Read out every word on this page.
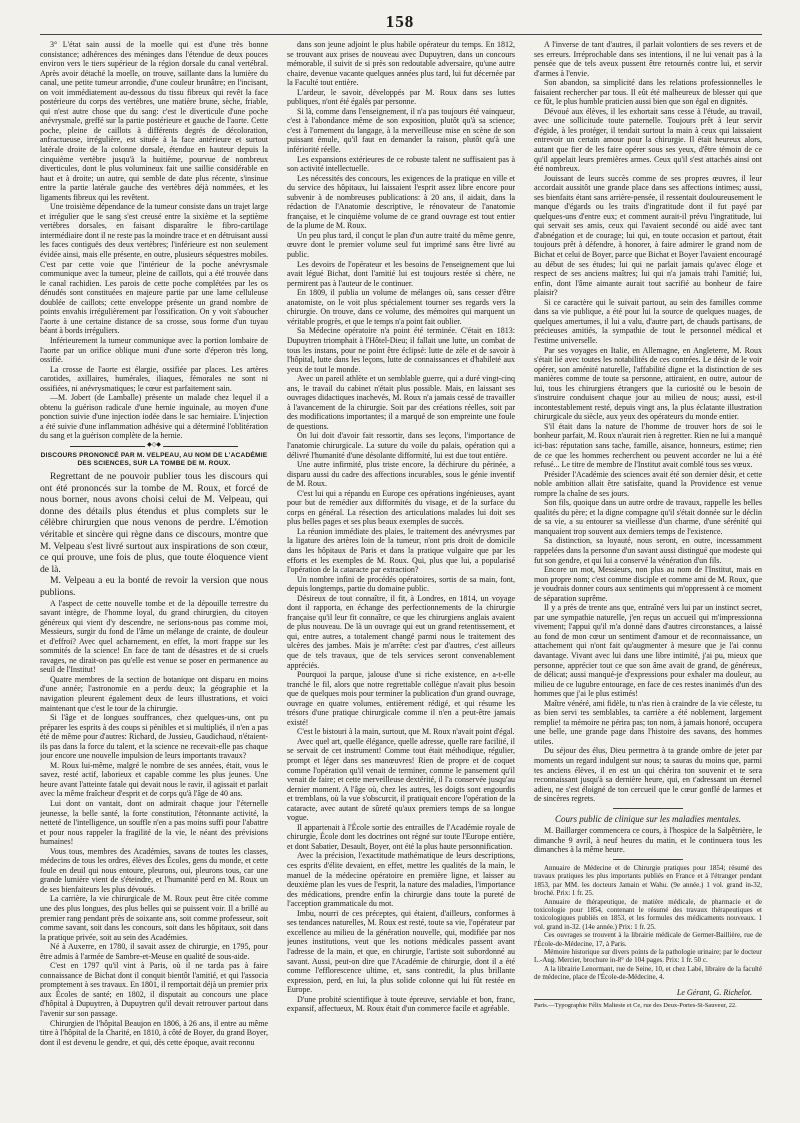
158

3° L'état sain aussi de la moelle qui est d'une très bonne consistance; adhérences des méninges dans l'étendue de deux pouces environ vers le tiers supérieur de la région dorsale du canal vertébral. Après avoir détaché la moelle, on trouve, saillante dans la lumière du canal, une petite tumeur arrondie, d'une couleur brunâtre; en l'incisant, on voit immédiatement au-dessous du tissu fibreux qui revêt la face postérieure du corps des vertèbres, une matière brune, sèche, friable, qui n'est autre chose que du sang: c'est le diverticule d'une poche anévrysmale, greffé sur la partie postérieure et gauche de l'aorte. Cette poche, pleine de caillots à différents degrés de décoloration, anfractueuse, irrégulière, est située à la face antérieure et surtout latérale droite de la colonne dorsale, étendue en hauteur depuis la cinquième vertèbre jusqu'à la huitième, pourvue de nombreux diverticules, dont le plus volumineux fait une saillie considérable en haut et à droite; un autre, qui semble de date plus récente, s'insinue entre la partie latérale gauche des vertèbres déjà nommées, et les ligaments fibreux qui les revêtent.

Une troisième dépendance de la tumeur consiste dans un trajet large et irrégulier que le sang s'est creusé entre la sixième et la septième vertèbres dorsales, en faisant disparaître le fibro-cartilage intermédiaire dont il ne reste pas la moindre trace et en détruisant aussi les faces contiguës des deux vertèbres; l'inférieure est non seulement évidée ainsi, mais elle présente, en outre, plusieurs séquestres mobiles. C'est par cette voie que l'intérieur de la poche anévrysmale communique avec la tumeur, pleine de caillots, qui a été trouvée dans le canal rachidien. Les parois de cette poche complétées par les os dénudés sont constituées en majeure partie par une lame celluleuse doublée de caillots; cette enveloppe présente un grand nombre de points envahis irrégulièrement par l'ossification. On y voit s'aboucher l'aorte à une certaine distance de sa crosse, sous forme d'un tuyau béant à bords irréguliers.

Inférieurement la tumeur communique avec la portion lombaire de l'aorte par un orifice oblique muni d'une sorte d'éperon très long, ossifié.

La crosse de l'aorte est élargie, ossifiée par places. Les artères carotides, axillaires, humérales, iliaques, fémorales ne sont ni ossifiées, ni anévrysmatiques; le cœur est parfaitement sain.

—M. Jobert (de Lamballe) présente un malade chez lequel il a obtenu la guérison radicale d'une hernie inguinale, au moyen d'une ponction suivie d'une injection iodée dans le sac herniaire. L'injection a été suivie d'une inflammation adhésive qui a déterminé l'oblitération du sang et la guérison complète de la hernie.

◆◇◆
DISCOURS PRONONCÉ PAR M. VELPEAU, AU NOM DE L'ACADÉMIE DES SCIENCES, SUR LA TOMBE DE M. ROUX.

Regrettant de ne pouvoir publier tous les discours qui ont été prononcés sur la tombe de M. Roux, et forcé de nous borner, nous avons choisi celui de M. Velpeau, qui donne des détails plus étendus et plus complets sur le célèbre chirurgien que nous venons de perdre. L'émotion véritable et sincère qui règne dans ce discours, montre que M. Velpeau s'est livré surtout aux inspirations de son cœur, ce qui prouve, une fois de plus, que toute éloquence vient de là.

M. Velpeau a eu la bonté de revoir la version que nous publions.

A l'aspect de cette nouvelle tombe et de la dépouille terrestre du savant intègre, de l'homme loyal, du grand chirurgien, du citoyen généreux qui vient d'y descendre, ne serions-nous pas comme moi, Messieurs, surgir du fond de l'âme un mélange de crainte, de douleur et d'effroi? Avec quel acharnement, en effet, la mort frappe sur les sommités de la science! En face de tant de désastres et de si cruels ravages, ne dirait-on pas qu'elle est venue se poser en permanence au seuil de l'Institut!

Quatre membres de la section de botanique ont disparu en moins d'une année; l'astronomie en a perdu deux; la géographie et la navigation pleurent également deux de leurs illustrations, et voici maintenant que c'est le tour de la chirurgie.

Si l'âge et de longues souffrances, chez quelques-uns, ont pu préparer les esprits à des coups si pénibles et si multipliés, il n'en a pas été de même pour d'autres: Richard, de Jussieu, Gaudichaud, n'étaient-ils pas dans la force du talent, et la science ne recevait-elle pas chaque jour encore une nouvelle impulsion de leurs importants travaux?

M. Roux lui-même, malgré le nombre de ses années, était, vous le savez, resté actif, laborieux et capable comme les plus jeunes. Une heure avant l'atteinte fatale qui devait nous le ravir, il agissait et parlait avec la même fraîcheur d'esprit et de corps qu'à l'âge de 40 ans.

Lui dont on vantait, dont on admirait chaque jour l'éternelle jeunesse, la belle santé, la forte constitution, l'étonnante activité, la netteté de l'intelligence, un souffle n'en a pas moins suffi pour l'abattre et pour nous rappeler la fragilité de la vie, le néant des prévisions humaines!

Vous tous, membres des Académies, savans de toutes les classes, médecins de tous les ordres, élèves des Écoles, gens du monde, et cette foule en deuil qui nous entoure, pleurons, oui, pleurons tous, car une grande lumière vient de s'éteindre, et l'humanité perd en M. Roux un de ses bienfaiteurs les plus dévoués.

La carrière, la vie chirurgicale de M. Roux peut être citée comme une des plus longues, des plus belles qui se puissent voir. Il a brillé au premier rang pendant près de soixante ans, soit comme professeur, soit comme savant, soit dans les concours, soit dans les hôpitaux, soit dans la pratique privée, soit au sein des Académies.

Né à Auxerre, en 1780, il savait assez de chirurgie, en 1795, pour être admis à l'armée de Sambre-et-Meuse en qualité de sous-aide.

C'est en 1797 qu'il vint à Paris, où il ne tarda pas à faire connaissance de Bichat dont il conquit bientôt l'amitié, et qui l'associa promptement à ses travaux. En 1801, il remportait déjà un premier prix aux Écoles de santé; en 1802, il disputait au concours une place d'hôpital à Dupuytren, à Dupuytren qu'il devait retrouver partout dans l'avenir sur son passage.

Chirurgien de l'hôpital Beaujon en 1806, à 26 ans, il entre au même titre à l'hôpital de la Charité, en 1810, à côté de Boyer, du grand Boyer, dont il est devenu le gendre, et qui, dès cette époque, avait reconnu

dans son jeune adjoint le plus habile opérateur du temps. En 1812, se trouvant aux prises de nouveau avec Dupuytren, dans un concours mémorable, il suivit de si près son redoutable adversaire, qu'une autre chaire, devenue vacante quelques années plus tard, lui fut décernée par la Faculté tout entière.

L'ardeur, le savoir, développés par M. Roux dans ses luttes publiques, n'ont été égalés par personne.

Si là, comme dans l'enseignement, il n'a pas toujours été vainqueur, c'est à l'abondance même de son exposition, plutôt qu'à sa science; c'est à l'ornement du langage, à la merveilleuse mise en scène de son puissant émule, qu'il faut en demander la raison, plutôt qu'à une infériorité réelle.

Les expansions extérieures de ce robuste talent ne suffisaient pas à son activité intellectuelle.

Les nécessités des concours, les exigences de la pratique en ville et du service des hôpitaux, lui laissaient l'esprit assez libre encore pour subvenir à de nombreuses publications: à 20 ans, il aidait, dans la rédaction de l'Anatomie descriptive, le rénovateur de l'anatomie française, et le cinquième volume de ce grand ouvrage est tout entier de la plume de M. Roux.

Un peu plus tard, il conçut le plan d'un autre traité du même genre, œuvre dont le premier volume seul fut imprimé sans être livré au public.

Les devoirs de l'opérateur et les besoins de l'enseignement que lui avait légué Bichat, dont l'amitié lui est toujours restée si chère, ne permirent pas à l'auteur de le continuer.

En 1809, il publia un volume de mélanges où, sans cesser d'être anatomiste, on le voit plus spécialement tourner ses regards vers la chirurgie. On trouve, dans ce volume, des mémoires qui marquent un véritable progrès, et que le temps n'a point fait oublier.

Sa Médecine opératoire n'a point été terminée. C'était en 1813: Dupuytren triomphait à l'Hôtel-Dieu; il fallait une lutte, un combat de tous les instans, pour ne point être éclipsé: lutte de zèle et de savoir à l'hôpital, lutte dans les leçons, lutte de connaissances et d'habileté aux yeux de tout le monde.

Avec un pareil athlète et un semblable guerre, qui a duré vingt-cinq ans, le travail du cabinet n'était plus possible. Mais, en laissant ses ouvrages didactiques inachevés, M. Roux n'a jamais cessé de travailler à l'avancement de la chirurgie. Soit par des créations réelles, soit par des modifications importantes; il a marqué de son empreinte une foule de questions.

On lui doit d'avoir fait ressortir, dans ses leçons, l'importance de l'anatomie chirurgicale. La suture du voile du palais, opération qui a délivré l'humanité d'une désolante difformité, lui est due tout entière.

Une autre infirmité, plus triste encore, la déchirure du périnée, a disparu aussi du cadre des affections incurables, sous le génie inventif de M. Roux.

C'est lui qui a répandu en Europe ces opérations ingénieuses, ayant pour but de remédier aux difformités du visage, et de la surface du corps en général. La résection des articulations malades lui doit ses plus belles pages et ses plus beaux exemples de succès.

La réunion immédiate des plaies, le traitement des anévrysmes par la ligature des artères loin de la tumeur, n'ont pris droit de domicile dans les hôpitaux de Paris et dans la pratique vulgaire que par les efforts et les exemples de M. Roux. Qui, plus que lui, a popularisé l'opération de la cataracte par extraction?

Un nombre infini de procédés opératoires, sortis de sa main, font, depuis longtemps, partie du domaine public.

Désireux de tout connaître, il fit, à Londres, en 1814, un voyage dont il rapporta, en échange des perfectionnements de la chirurgie française qu'il leur fit connaître, ce que les chirurgiens anglais avaient de plus nouveau. De là un ouvrage qui eut un grand retentissement, et qui, entre autres, a totalement changé parmi nous le traitement des ulcères des jambes. Mais je m'arrête: c'est par d'autres, c'est ailleurs que de tels travaux, que de tels services seront convenablement appréciés.

Pourquoi la parque, jalouse d'une si riche existence, en a-t-elle tranché le fil, alors que notre regrettable collègue n'avait plus besoin que de quelques mois pour terminer la publication d'un grand ouvrage, ouvrage en quatre volumes, entièrement rédigé, et qui résume les trésors d'une pratique chirurgicale comme il n'en a peut-être jamais existé!

C'est le bistouri à la main, surtout, que M. Roux n'avait point d'égal.

Avec quel art, quelle élégance, quelle adresse, quelle rare facilité, il se servait de cet instrument! Comme tout était méthodique, régulier, prompt et léger dans ses manœuvres! Rien de propre et de coquet comme l'opération qu'il venait de terminer, comme le pansement qu'il venait de faire; et cette merveilleuse dextérité, il l'a conservée jusqu'au dernier moment. A l'âge où, chez les autres, les doigts sont engourdis et tremblans, où la vue s'obscurcit, il pratiquait encore l'opération de la cataracte, avec autant de sûreté qu'aux premiers temps de sa longue vogue.

Il appartenait à l'École sortie des entrailles de l'Académie royale de chirurgie, École dont les doctrines ont régné sur toute l'Europe entière, et dont Sabatier, Desault, Boyer, ont été la plus haute personnification.

Avec la précision, l'exactitude mathématique de leurs descriptions, ces esprits d'élite devaient, en effet, mettre les qualités de la main, le manuel de la médecine opératoire en première ligne, et laisser au deuxième plan les vues de l'esprit, la nature des maladies, l'importance des médications, prendre enfin la chirurgie dans toute la pureté de l'acception grammaticale du mot.

Imbu, nourri de ces préceptes, qui étaient, d'ailleurs, conformes à ses tendances naturelles, M. Roux est resté, toute sa vie, l'opérateur par excellence au milieu de la génération nouvelle, qui, modifiée par nos jeunes institutions, veut que les notions médicales passent avant l'adresse de la main, et que, en chirurgie, l'artiste soit subordonné au savant. Aussi, peut-on dire que l'Académie de chirurgie, dont il a été comme l'efflorescence ultime, et, sans contredit, la plus brillante expression, perd, en lui, la plus solide colonne qui lui fût restée en Europe.

D'une probité scientifique à toute épreuve, serviable et bon, franc, expansif, affectueux, M. Roux était d'un commerce facile et agréable.

A l'inverse de tant d'autres, il parlait volontiers de ses revers et de ses erreurs. Irréprochable dans ses intentions, il ne lui venait pas à la pensée que de tels aveux pussent être retournés contre lui, et servir d'armes à l'envie.

Son abandon, sa simplicité dans les relations professionnelles le faisaient rechercher par tous. Il eût été malheureux de blesser qui que ce fût, le plus humble praticien aussi bien que son égal en dignités.

Dévoué aux élèves, il les exhortait sans cesse à l'étude, au travail, avec une sollicitude toute paternelle. Toujours prêt à leur servir d'égide, à les protéger, il tendait surtout la main à ceux qui laissaient entrevoir un certain amour pour la chirurgie. Il était heureux alors, autant que fier de les faire opérer sous ses yeux, d'être témoin de ce qu'il appelait leurs premières armes. Ceux qu'il s'est attachés ainsi ont été nombreux.

Jouissant de leurs succès comme de ses propres œuvres, il leur accordait aussitôt une grande place dans ses affections intimes; aussi, ses bienfaits étant sans arrière-pensée, il ressentait douloureusement le manque d'égards ou les traits d'ingratitude dont il fut payé par quelques-uns d'entre eux; et comment aurait-il prévu l'ingratitude, lui qui servait ses amis, ceux qui l'avaient secondé ou aidé avec tant d'abnégation et de courage; lui qui, en toute occasion et partout, était toujours prêt à défendre, à honorer, à faire admirer le grand nom de Bichat et celui de Boyer, parce que Bichat et Boyer l'avaient encouragé au début de ses études; lui qui ne parlait jamais qu'avec éloge et respect de ses anciens maîtres; lui qui n'a jamais trahi l'amitié; lui, enfin, dont l'âme aimante aurait tout sacrifié au bonheur de faire plaisir?

Si ce caractère qui le suivait partout, au sein des familles comme dans sa vie publique, a été pour lui la source de quelques nuages, de quelques amertumes, il lui a valu, d'autre part, de chauds partisans, de précieuses amitiés, la sympathie de tout le personnel médical et l'estime universelle.

Par ses voyages en Italie, en Allemagne, en Angleterre, M. Roux s'était lié avec toutes les notabilités de ces contrées. Le désir de le voir opérer, son aménité naturelle, l'affabilité digne et la distinction de ses manières comme de toute sa personne, attiraient, en outre, autour de lui, tous les chirurgiens étrangers que la curiosité ou le besoin de s'instruire conduisent chaque jour au milieu de nous; aussi, est-il incontestablement resté, depuis vingt ans, la plus éclatante illustration chirurgicale du siècle, aux yeux des opérateurs du monde entier.

S'il était dans la nature de l'homme de trouver hors de soi le bonheur parfait, M. Roux n'aurait rien à regretter. Rien ne lui a manqué ici-bas: réputation sans tache, famille, aisance, honneurs, estime; rien de ce que les hommes recherchent ou peuvent accorder ne lui a été refusé... Le titre de membre de l'Institut avait comblé tous ses vœux.

Présider l'Académie des sciences avait été son dernier désir, et cette noble ambition allait être satisfaite, quand la Providence est venue rompre la chaîne de ses jours.

Son fils, quoique dans un autre ordre de travaux, rappelle les belles qualités du père; et la digne compagne qu'il s'était donnée sur le déclin de sa vie, a su entourer sa vieillesse d'un charme, d'une sérénité qui manquaient trop souvent aux derniers temps de l'existence.

Sa distinction, sa loyauté, nous seront, en outre, incessamment rappelées dans la personne d'un savant aussi distingué que modeste qui fut son gendre, et qui lui a conservé la vénération d'un fils.

Encore un mot, Messieurs, non plus au nom de l'Institut, mais en mon propre nom; c'est comme disciple et comme ami de M. Roux, que je voudrais donner cours aux sentiments qui m'oppressent à ce moment de séparation suprême.

Il y a près de trente ans que, entraîné vers lui par un instinct secret, par une sympathie naturelle, j'en reçus un accueil qui m'impressionna vivement; l'appui qu'il m'a donné dans d'autres circonstances, a laissé au fond de mon cœur un sentiment d'amour et de reconnaissance, un attachement qui n'ont fait qu'augmenter à mesure que je l'ai connu davantage. Vivant avec lui dans une libre intimité, j'ai pu, mieux que personne, apprécier tout ce que son âme avait de grand, de généreux, de délicat; aussi manqué-je d'expressions pour exhaler ma douleur, au milieu de ce lugubre entourage, en face de ces restes inanimés d'un des hommes que j'ai le plus estimés!

Maître vénéré, ami fidèle, tu n'as rien à craindre de la vie céleste, tu as bien servi tes semblables, ta carrière a été noblement, largement remplie! ta mémoire ne périra pas; ton nom, à jamais honoré, occupera une belle, une grande page dans l'histoire des savans, des hommes utiles.

Du séjour des élus, Dieu permettra à ta grande ombre de jeter par moments un regard indulgent sur nous; ta sauras du moins que, parmi tes anciens élèves, il en est un qui chérira ton souvenir et te sera reconnaissant jusqu'à sa dernière heure, qui, en t'adressant un éternel adieu, ne s'est éloigné de ton cercueil que le cœur gonflé de larmes et de sincères regrets.

Cours public de clinique sur les maladies mentales.

M. Baillarger commencera ce cours, à l'hospice de la Salpêtrière, le dimanche 9 avril, à neuf heures du matin, et le continuera tous les dimanches à la même heure.

Annuaire de Médecine et de Chirurgie pratiques pour 1854; résumé des travaux pratiques les plus importants publiés en France et à l'étranger pendant 1853, par MM. les docteurs Jamain et Wahu. (9e année.) 1 vol. grand in-32, broché. Prix: 1 fr. 25.

Annuaire de thérapeutique, de matière médicale, de pharmacie et de toxicologie pour 1854, contenant le résumé des travaux thérapeutiques et toxicologiques publiés en 1853, et les formules des médicaments nouveaux. 1 vol. grand in-32. (14e année.) Prix: 1 fr. 25.

Ces ouvrages se trouvent à la librairie médicale de Germer-Baillière, rue de l'École-de-Médecine, 17, à Paris.

Mémoire historique sur divers points de la pathologie urinaire; par le docteur L.-Aug. Mercier, brochure in-8° de 104 pages. Prix: 1 fr. 50 c.

A la librairie Lenormant, rue de Seine, 10, et chez Labé, libraire de la faculté de médecine, place de l'École-de-Médecine, 4.

Le Gérant, G. Richelot.
Paris.—Typographie Félix Malteste et Ce, rue des Deux-Portes-St-Sauveur, 22.
